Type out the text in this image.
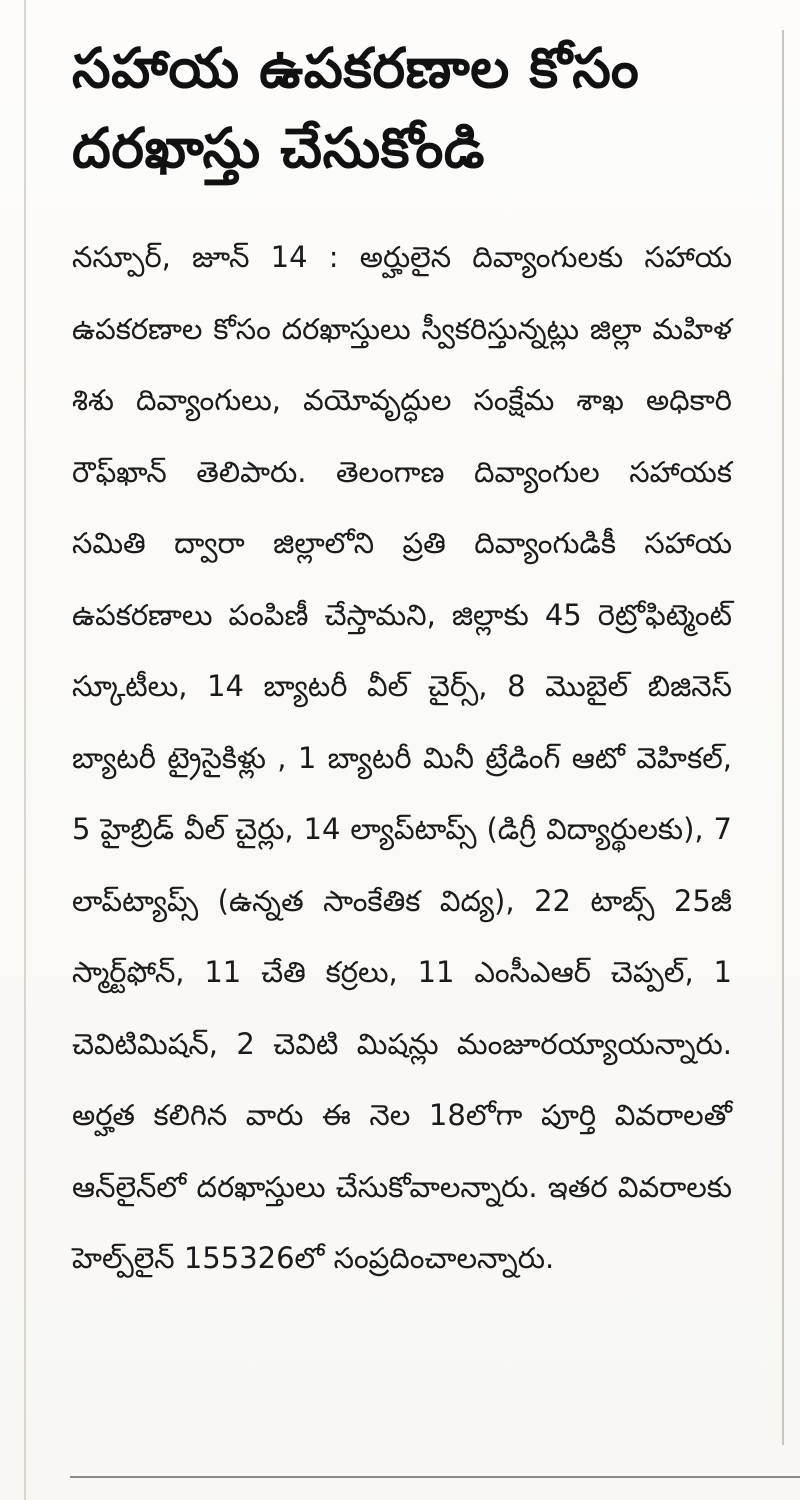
సహాయ ఉపకరణాల కోసం
దరఖాస్తు చేసుకోండి

నస్పూర్, జూన్ 14 : అర్హులైన దివ్యాంగులకు సహాయ ఉపకరణాల కోసం దరఖాస్తులు స్వీకరిస్తున్నట్లు జిల్లా మహిళ శిశు దివ్యాంగులు, వయోవృద్ధుల సంక్షేమ శాఖ అధికారి రౌఫ్‌ఖాన్ తెలిపారు. తెలంగాణ దివ్యాంగుల సహాయక సమితి ద్వారా జిల్లాలోని ప్రతి దివ్యాంగుడికీ సహాయ ఉపకరణాలు పంపిణీ చేస్తామని, జిల్లాకు 45 రెట్రోఫిట్మెంట్ స్కూటీలు, 14 బ్యాటరీ వీల్ చైర్స్, 8 మొబైల్ బిజినెస్ బ్యాటరీ ట్రైసైకిళ్లు , 1 బ్యాటరీ మినీ ట్రేడింగ్ ఆటో వెహికల్, 5 హైబ్రిడ్ వీల్ చైర్లు, 14 ల్యాప్‌టాప్స్ (డిగ్రీ విద్యార్థులకు), 7 లాప్‌ట్యాప్స్ (ఉన్నత సాంకేతిక విద్య), 22 టాబ్స్ 25జీ స్మార్ట్‌ఫోన్, 11 చేతి కర్రలు, 11 ఎంసీఎఆర్ చెప్పల్, 1 చెవిటిమిషన్, 2 చెవిటి మిషన్లు మంజూరయ్యాయన్నారు. అర్హత కలిగిన వారు ఈ నెల 18లోగా పూర్తి వివరాలతో ఆన్‌లైన్‌లో దరఖాస్తులు చేసుకోవాలన్నారు. ఇతర వివరాలకు హెల్ప్‌లైన్ 155326లో సంప్రదించాలన్నారు.
